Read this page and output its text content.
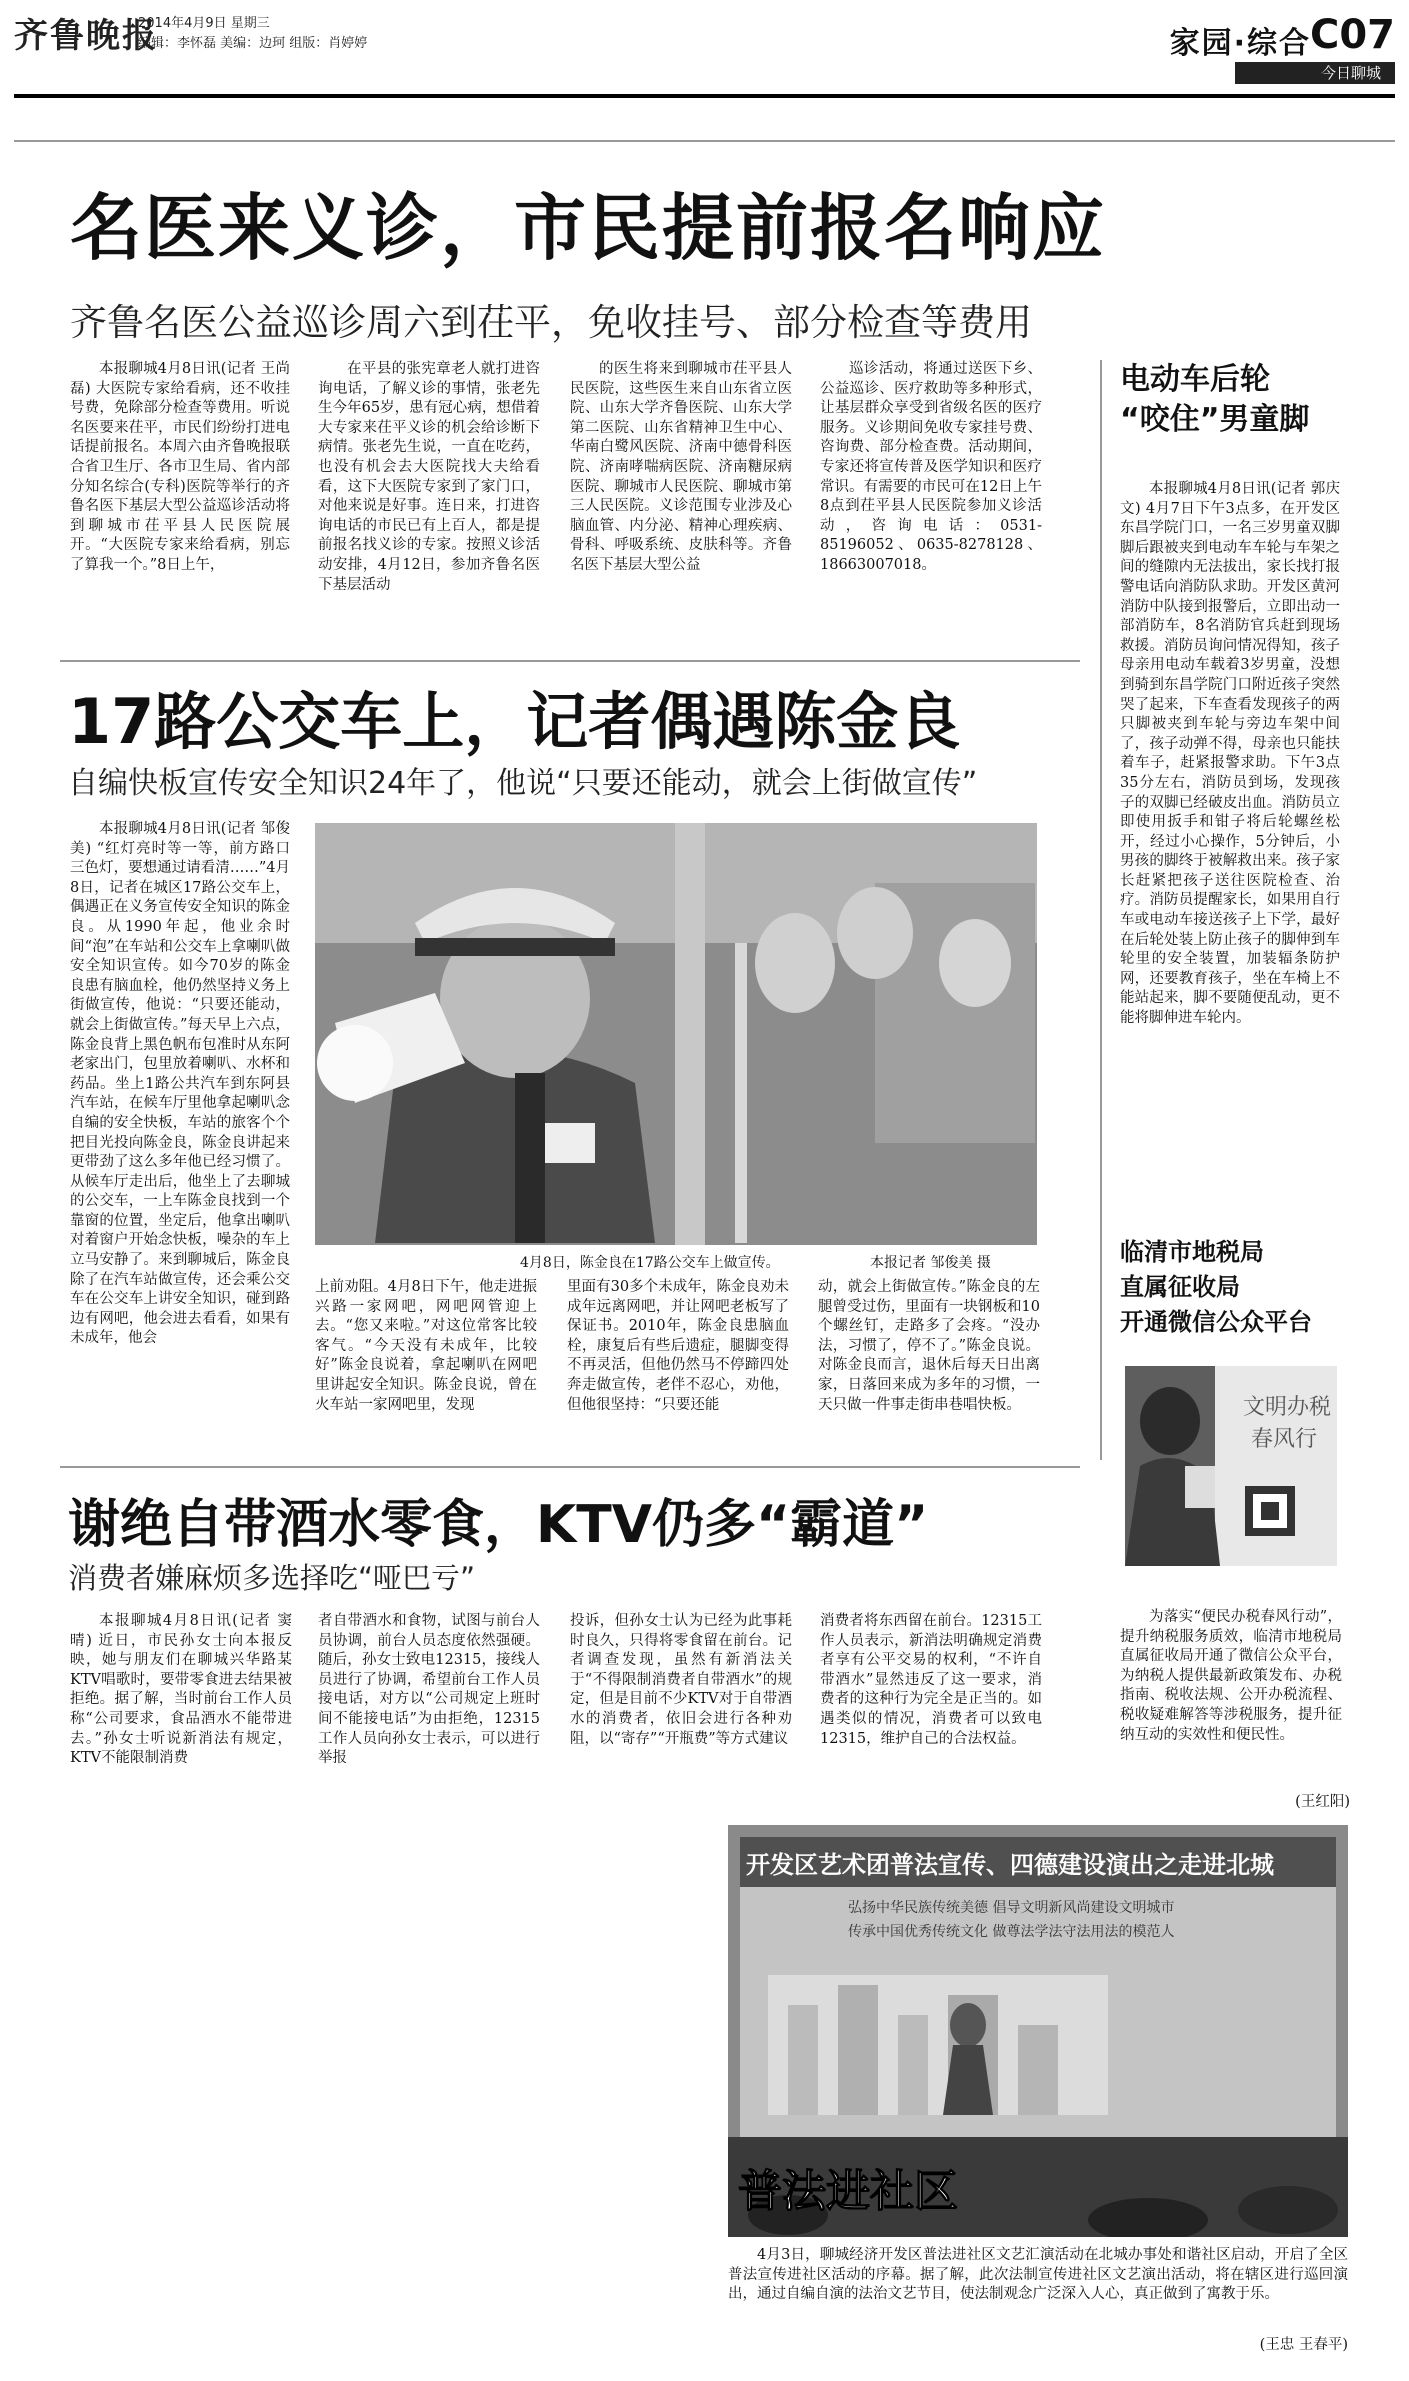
齐鲁晚报
2014年4月9日 星期三
编辑：李怀磊 美编：边珂 组版：肖婷婷	家园·综合
C07
今日聊城
名医来义诊，市民提前报名响应
齐鲁名医公益巡诊周六到茌平，免收挂号、部分检查等费用

本报聊城4月8日讯(记者 王尚磊) 大医院专家给看病，还不收挂号费，免除部分检查等费用。听说名医要来茌平，市民们纷纷打进电话提前报名。本周六由齐鲁晚报联合省卫生厅、各市卫生局、省内部分知名综合(专科)医院等举行的齐鲁名医下基层大型公益巡诊活动将到聊城市茌平县人民医院展开。“大医院专家来给看病，别忘了算我一个。”8日上午，

在平县的张宪章老人就打进咨询电话，了解义诊的事情，张老先生今年65岁，患有冠心病，想借着大专家来茌平义诊的机会给诊断下病情。张老先生说，一直在吃药，也没有机会去大医院找大夫给看看，这下大医院专家到了家门口，对他来说是好事。连日来，打进咨询电话的市民已有上百人，都是提前报名找义诊的专家。按照义诊活动安排，4月12日，参加齐鲁名医下基层活动

的医生将来到聊城市茌平县人民医院，这些医生来自山东省立医院、山东大学齐鲁医院、山东大学第二医院、山东省精神卫生中心、华南白鹭风医院、济南中德骨科医院、济南哮喘病医院、济南糖尿病医院、聊城市人民医院、聊城市第三人民医院。义诊范围专业涉及心脑血管、内分泌、精神心理疾病、骨科、呼吸系统、皮肤科等。齐鲁名医下基层大型公益

巡诊活动，将通过送医下乡、公益巡诊、医疗救助等多种形式，让基层群众享受到省级名医的医疗服务。义诊期间免收专家挂号费、咨询费、部分检查费。活动期间，专家还将宣传普及医学知识和医疗常识。有需要的市民可在12日上午8点到茌平县人民医院参加义诊活动，咨询电话：0531-85196052、0635-8278128、18663007018。

电动车后轮
“咬住”男童脚

本报聊城4月8日讯(记者 郭庆文) 4月7日下午3点多，在开发区东昌学院门口，一名三岁男童双脚脚后跟被夹到电动车车轮与车架之间的缝隙内无法拔出，家长找打报警电话向消防队求助。开发区黄河消防中队接到报警后，立即出动一部消防车，8名消防官兵赶到现场救援。消防员询问情况得知，孩子母亲用电动车载着3岁男童，没想到骑到东昌学院门口附近孩子突然哭了起来，下车查看发现孩子的两只脚被夹到车轮与旁边车架中间了，孩子动弹不得，母亲也只能扶着车子，赶紧报警求助。下午3点35分左右，消防员到场，发现孩子的双脚已经破皮出血。消防员立即使用扳手和钳子将后轮螺丝松开，经过小心操作，5分钟后，小男孩的脚终于被解救出来。孩子家长赶紧把孩子送往医院检查、治疗。消防员提醒家长，如果用自行车或电动车接送孩子上下学，最好在后轮处装上防止孩子的脚伸到车轮里的安全装置，加装辐条防护网，还要教育孩子，坐在车椅上不能站起来，脚不要随便乱动，更不能将脚伸进车轮内。

17路公交车上，记者偶遇陈金良
自编快板宣传安全知识24年了，他说“只要还能动，就会上街做宣传”

本报聊城4月8日讯(记者 邹俊美) “红灯亮时等一等，前方路口三色灯，要想通过请看清……”4月8日，记者在城区17路公交车上，偶遇正在义务宣传安全知识的陈金良。从1990年起，他业余时间“泡”在车站和公交车上拿喇叭做安全知识宣传。如今70岁的陈金良患有脑血栓，他仍然坚持义务上街做宣传，他说：“只要还能动，就会上街做宣传。”每天早上六点，陈金良背上黑色帆布包准时从东阿老家出门，包里放着喇叭、水杯和药品。坐上1路公共汽车到东阿县汽车站，在候车厅里他拿起喇叭念自编的安全快板，车站的旅客个个把目光投向陈金良，陈金良讲起来更带劲了这么多年他已经习惯了。从候车厅走出后，他坐上了去聊城的公交车，一上车陈金良找到一个靠窗的位置，坐定后，他拿出喇叭对着窗户开始念快板，噪杂的车上立马安静了。来到聊城后，陈金良除了在汽车站做宣传，还会乘公交车在公交车上讲安全知识，碰到路边有网吧，他会进去看看，如果有未成年，他会

4月8日，陈金良在17路公交车上做宣传。	本报记者 邹俊美 摄

上前劝阻。4月8日下午，他走进振兴路一家网吧，网吧网管迎上去。“您又来啦。”对这位常客比较客气。“今天没有未成年，比较好”陈金良说着，拿起喇叭在网吧里讲起安全知识。陈金良说，曾在火车站一家网吧里，发现

里面有30多个未成年，陈金良劝未成年远离网吧，并让网吧老板写了保证书。2010年，陈金良患脑血栓，康复后有些后遗症，腿脚变得不再灵活，但他仍然马不停蹄四处奔走做宣传，老伴不忍心，劝他，但他很坚持：“只要还能

动，就会上街做宣传。”陈金良的左腿曾受过伤，里面有一块钢板和10个螺丝钉，走路多了会疼。“没办法，习惯了，停不了。”陈金良说。对陈金良而言，退休后每天日出离家，日落回来成为多年的习惯，一天只做一件事走街串巷唱快板。

临清市地税局
直属征收局
开通微信公众平台
文明办税
春风行

为落实“便民办税春风行动”，提升纳税服务质效，临清市地税局直属征收局开通了微信公众平台，为纳税人提供最新政策发布、办税指南、税收法规、公开办税流程、税收疑难解答等涉税服务，提升征纳互动的实效性和便民性。

(王红阳)
谢绝自带酒水零食，KTV仍多“霸道”
消费者嫌麻烦多选择吃“哑巴亏”

本报聊城4月8日讯(记者 窦晴) 近日，市民孙女士向本报反映，她与朋友们在聊城兴华路某KTV唱歌时，要带零食进去结果被拒绝。据了解，当时前台工作人员称“公司要求，食品酒水不能带进去。”孙女士听说新消法有规定，KTV不能限制消费

者自带酒水和食物，试图与前台人员协调，前台人员态度依然强硬。随后，孙女士致电12315，接线人员进行了协调，希望前台工作人员接电话，对方以“公司规定上班时间不能接电话”为由拒绝，12315工作人员向孙女士表示，可以进行举报

投诉，但孙女士认为已经为此事耗时良久，只得将零食留在前台。记者调查发现，虽然有新消法关于“不得限制消费者自带酒水”的规定，但是目前不少KTV对于自带酒水的消费者，依旧会进行各种劝阻，以“寄存”“开瓶费”等方式建议

消费者将东西留在前台。12315工作人员表示，新消法明确规定消费者享有公平交易的权利，“不许自带酒水”显然违反了这一要求，消费者的这种行为完全是正当的。如遇类似的情况，消费者可以致电12315，维护自己的合法权益。

开发区艺术团普法宣传、四德建设演出之走进北城
弘扬中华民族传统美德 倡导文明新风尚建设文明城市
传承中国优秀传统文化 做尊法学法守法用法的模范人
普法进社区
4月3日，聊城经济开发区普法进社区文艺汇演活动在北城办事处和谐社区启动，开启了全区普法宣传进社区活动的序幕。据了解，此次法制宣传进社区文艺演出活动，将在辖区进行巡回演出，通过自编自演的法治文艺节目，使法制观念广泛深入人心，真正做到了寓教于乐。
(王忠 王春平)
